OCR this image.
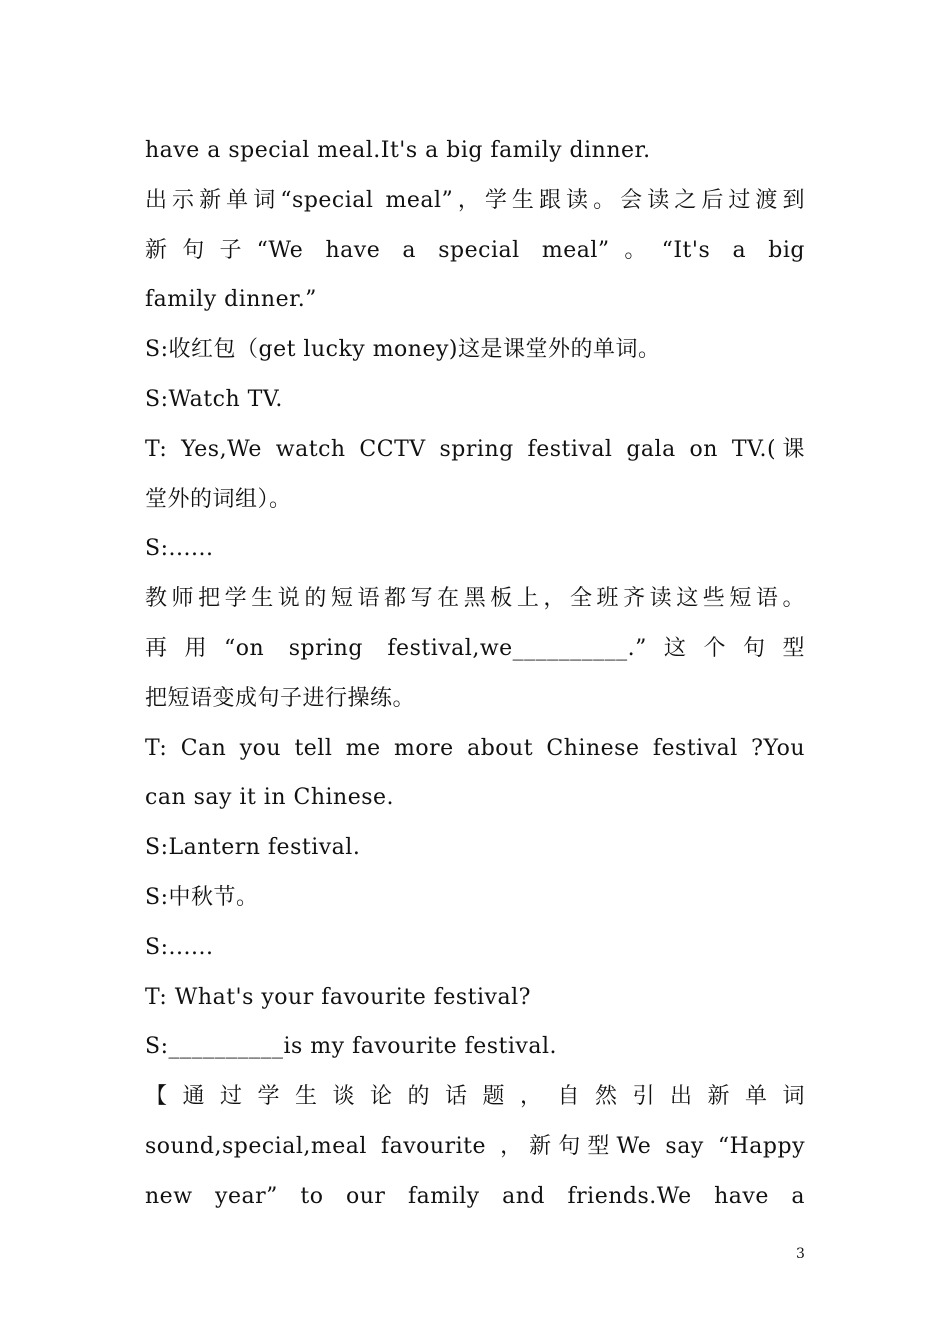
have a special meal.It's a big family dinner.
出示新单词“special meal”，学生跟读。会读之后过渡到
新句子“We have a special meal”。“It's a big
family dinner.”
S:收红包（get lucky money)这是课堂外的单词。
S:Watch TV.
T: Yes,We watch CCTV spring festival gala on TV.(课
堂外的词组）。
S:......
教师把学生说的短语都写在黑板上，全班齐读这些短语。
再用“on spring festival,we__________.”这个句型
把短语变成句子进行操练。
T: Can you tell me more about Chinese festival ?You
can say it in Chinese.
S:Lantern festival.
S:中秋节。
S:......
T: What's your favourite festival?
S:__________is my favourite festival.
【通过学生谈论的话题，自然引出新单词
sound,special,meal favourite ，新句型We say “Happy
new year” to our family and friends.We have a
3
